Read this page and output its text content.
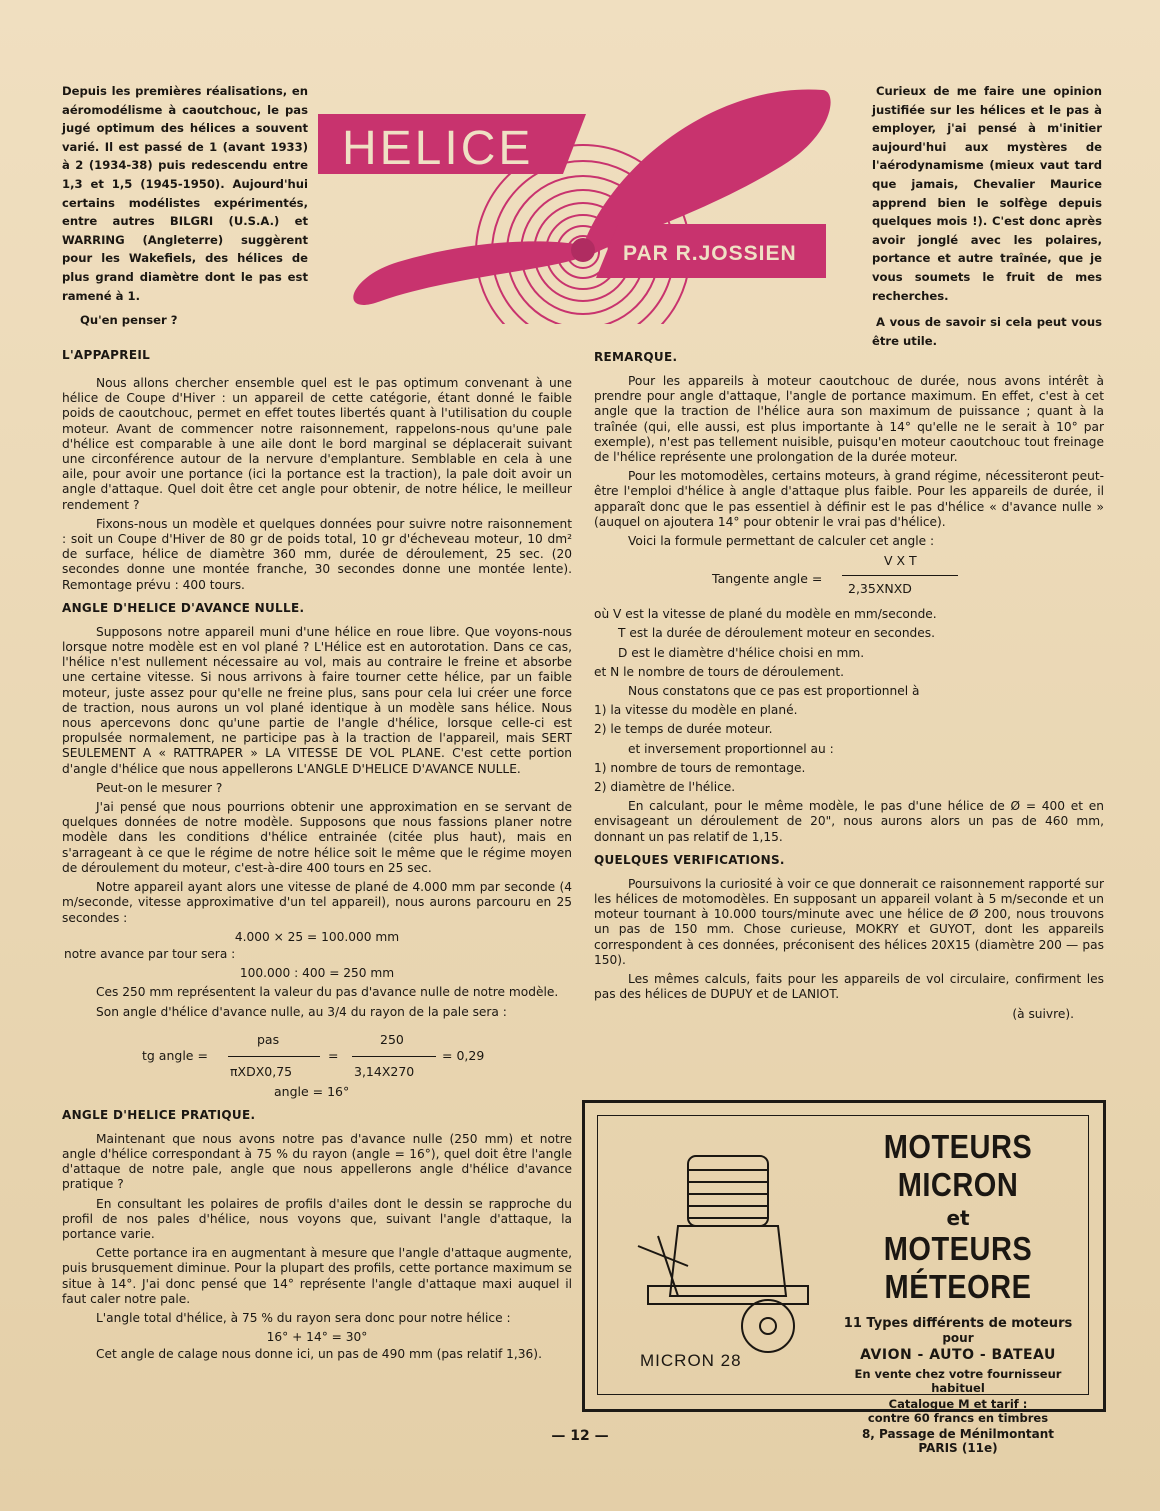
Depuis les premières réalisations, en aéromodélisme à caoutchouc, le pas jugé optimum des hélices a souvent varié. Il est passé de 1 (avant 1933) à 2 (1934-38) puis redescendu entre 1,3 et 1,5 (1945-1950). Aujourd'hui certains modélistes expérimentés, entre autres BILGRI (U.S.A.) et WARRING (Angleterre) suggèrent pour les Wakefiels, des hélices de plus grand diamètre dont le pas est ramené à 1.

Qu'en penser ?

HELICE
PAR R.JOSSIEN

Curieux de me faire une opinion justifiée sur les hélices et le pas à employer, j'ai pensé à m'initier aujourd'hui aux mystères de l'aérodynamisme (mieux vaut tard que jamais, Chevalier Maurice apprend bien le solfège depuis quelques mois !). C'est donc après avoir jonglé avec les polaires, portance et autre traînée, que je vous soumets le fruit de mes recherches.

A vous de savoir si cela peut vous être utile.

L'APPAPREIL

Nous allons chercher ensemble quel est le pas optimum convenant à une hélice de Coupe d'Hiver : un appareil de cette catégorie, étant donné le faible poids de caoutchouc, permet en effet toutes libertés quant à l'utilisation du couple moteur. Avant de commencer notre raisonnement, rappelons-nous qu'une pale d'hélice est comparable à une aile dont le bord marginal se déplacerait suivant une circonférence autour de la nervure d'emplanture. Semblable en cela à une aile, pour avoir une portance (ici la portance est la traction), la pale doit avoir un angle d'attaque. Quel doit être cet angle pour obtenir, de notre hélice, le meilleur rendement ?

Fixons-nous un modèle et quelques données pour suivre notre raisonnement : soit un Coupe d'Hiver de 80 gr de poids total, 10 gr d'écheveau moteur, 10 dm² de surface, hélice de diamètre 360 mm, durée de déroulement, 25 sec. (20 secondes donne une montée franche, 30 secondes donne une montée lente). Remontage prévu : 400 tours.

ANGLE D'HELICE D'AVANCE NULLE.

Supposons notre appareil muni d'une hélice en roue libre. Que voyons-nous lorsque notre modèle est en vol plané ? L'Hélice est en autorotation. Dans ce cas, l'hélice n'est nullement nécessaire au vol, mais au contraire le freine et absorbe une certaine vitesse. Si nous arrivons à faire tourner cette hélice, par un faible moteur, juste assez pour qu'elle ne freine plus, sans pour cela lui créer une force de traction, nous aurons un vol plané identique à un modèle sans hélice. Nous nous apercevons donc qu'une partie de l'angle d'hélice, lorsque celle-ci est propulsée normalement, ne participe pas à la traction de l'appareil, mais SERT SEULEMENT A « RATTRAPER » LA VITESSE DE VOL PLANE. C'est cette portion d'angle d'hélice que nous appellerons L'ANGLE D'HELICE D'AVANCE NULLE.

Peut-on le mesurer ?

J'ai pensé que nous pourrions obtenir une approximation en se servant de quelques données de notre modèle. Supposons que nous fassions planer notre modèle dans les conditions d'hélice entrainée (citée plus haut), mais en s'arrageant à ce que le régime de notre hélice soit le même que le régime moyen de déroulement du moteur, c'est-à-dire 400 tours en 25 sec.

Notre appareil ayant alors une vitesse de plané de 4.000 mm par seconde (4 m/seconde, vitesse approximative d'un tel appareil), nous aurons parcouru en 25 secondes :

4.000 × 25 = 100.000 mm
notre avance par tour sera :
100.000 : 400 = 250 mm

Ces 250 mm représentent la valeur du pas d'avance nulle de notre modèle.

Son angle d'hélice d'avance nulle, au 3/4 du rayon de la pale sera :

tg angle =
pas
πXDX0,75
=
250
3,14X270
= 0,29
angle = 16°
ANGLE D'HELICE PRATIQUE.

Maintenant que nous avons notre pas d'avance nulle (250 mm) et notre angle d'hélice correspondant à 75 % du rayon (angle = 16°), quel doit être l'angle d'attaque de notre pale, angle que nous appellerons angle d'hélice d'avance pratique ?

En consultant les polaires de profils d'ailes dont le dessin se rapproche du profil de nos pales d'hélice, nous voyons que, suivant l'angle d'attaque, la portance varie.

Cette portance ira en augmentant à mesure que l'angle d'attaque augmente, puis brusquement diminue. Pour la plupart des profils, cette portance maximum se situe à 14°. J'ai donc pensé que 14° représente l'angle d'attaque maxi auquel il faut caler notre pale.

L'angle total d'hélice, à 75 % du rayon sera donc pour notre hélice :

16° + 14° = 30°

Cet angle de calage nous donne ici, un pas de 490 mm (pas relatif 1,36).

REMARQUE.

Pour les appareils à moteur caoutchouc de durée, nous avons intérêt à prendre pour angle d'attaque, l'angle de portance maximum. En effet, c'est à cet angle que la traction de l'hélice aura son maximum de puissance ; quant à la traînée (qui, elle aussi, est plus importante à 14° qu'elle ne le serait à 10° par exemple), n'est pas tellement nuisible, puisqu'en moteur caoutchouc tout freinage de l'hélice représente une prolongation de la durée moteur.

Pour les motomodèles, certains moteurs, à grand régime, nécessiteront peut-être l'emploi d'hélice à angle d'attaque plus faible. Pour les appareils de durée, il apparaît donc que le pas essentiel à définir est le pas d'hélice « d'avance nulle » (auquel on ajoutera 14° pour obtenir le vrai pas d'hélice).

Voici la formule permettant de calculer cet angle :

Tangente angle =
V X T
2,35XNXD
où V est la vitesse de plané du modèle en mm/seconde.
T est la durée de déroulement moteur en secondes.
D est le diamètre d'hélice choisi en mm.
et N le nombre de tours de déroulement.
Nous constatons que ce pas est proportionnel à
1) la vitesse du modèle en plané.
2) le temps de durée moteur.
et inversement proportionnel au :
1) nombre de tours de remontage.
2) diamètre de l'hélice.

En calculant, pour le même modèle, le pas d'une hélice de Ø = 400 et en envisageant un déroulement de 20", nous aurons alors un pas de 460 mm, donnant un pas relatif de 1,15.

QUELQUES VERIFICATIONS.

Poursuivons la curiosité à voir ce que donnerait ce raisonnement rapporté sur les hélices de motomodèles. En supposant un appareil volant à 5 m/seconde et un moteur tournant à 10.000 tours/minute avec une hélice de Ø 200, nous trouvons un pas de 150 mm. Chose curieuse, MOKRY et GUYOT, dont les appareils correspondent à ces données, préconisent des hélices 20X15 (diamètre 200 — pas 150).

Les mêmes calculs, faits pour les appareils de vol circulaire, confirment les pas des hélices de DUPUY et de LANIOT.

(à suivre).
MICRON 28
MOTEURS MICRON
et
MOTEURS MÉTEORE
11 Types différents de moteurs
pour
AVION - AUTO - BATEAU
En vente chez votre fournisseur
habituel
Catalogue M et tarif :
contre 60 francs en timbres
8, Passage de Ménilmontant
PARIS (11e)
— 12 —
